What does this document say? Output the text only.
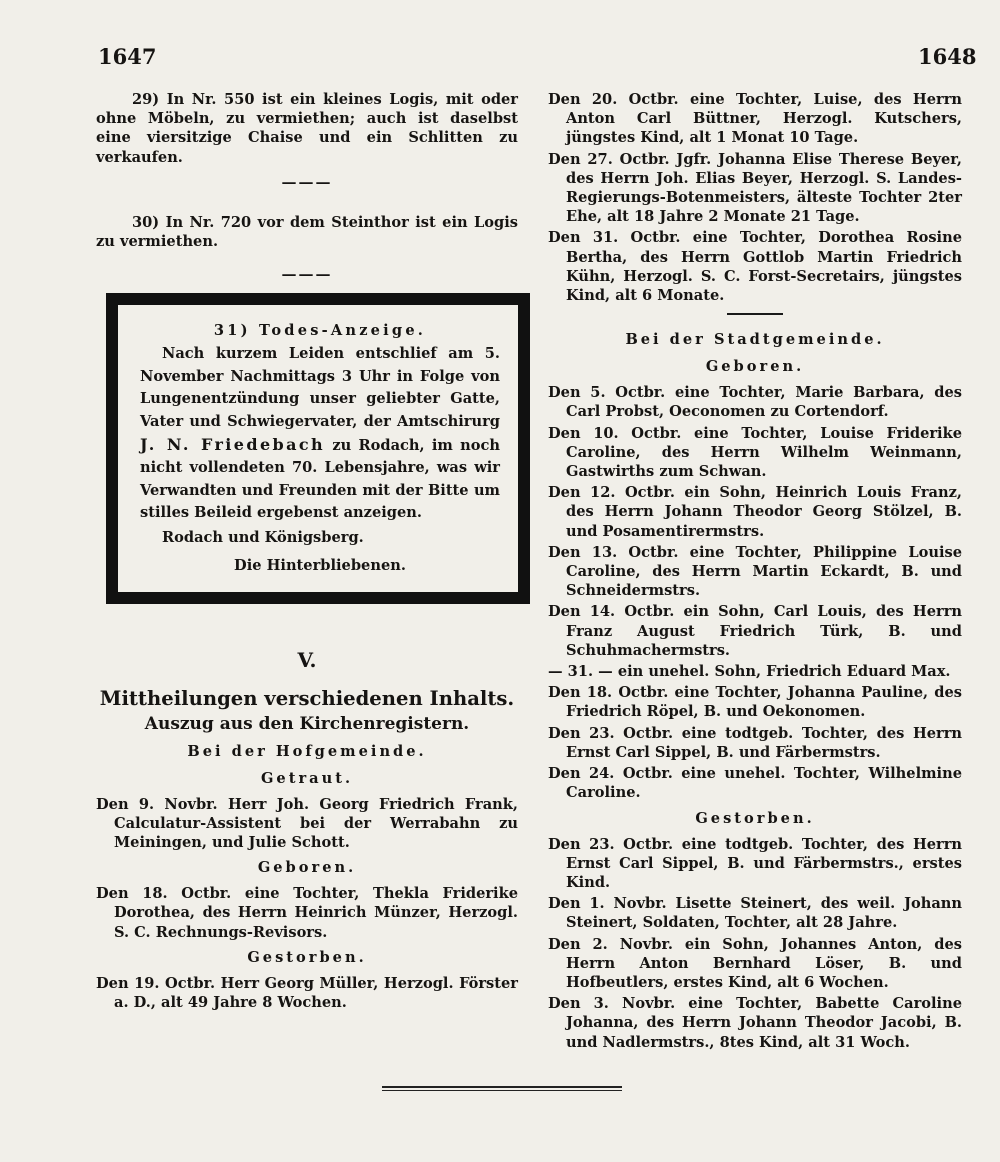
1647	1648

29) In Nr. 550 ist ein kleines Logis, mit oder ohne Möbeln, zu vermiethen; auch ist daselbst eine viersitzige Chaise und ein Schlitten zu verkaufen.

———

30) In Nr. 720 vor dem Steinthor ist ein Logis zu vermiethen.

———
31) Todes-Anzeige.

Nach kurzem Leiden entschlief am 5. November Nachmittags 3 Uhr in Folge von Lungenentzündung unser geliebter Gatte, Vater und Schwiegervater, der Amtschirurg J. N. Friedebach zu Rodach, im noch nicht vollendeten 70. Lebensjahre, was wir Verwandten und Freunden mit der Bitte um stilles Beileid ergebenst anzeigen.

Rodach und Königsberg.
Die Hinterbliebenen.
V.
Mittheilungen verschiedenen Inhalts.
Auszug aus den Kirchenregistern.
Bei der Hofgemeinde.
Getraut.

Den 9. Novbr. Herr Joh. Georg Friedrich Frank, Calculatur-Assistent bei der Werrabahn zu Meiningen, und Julie Schott.

Geboren.

Den 18. Octbr. eine Tochter, Thekla Friderike Dorothea, des Herrn Heinrich Münzer, Herzogl. S. C. Rechnungs-Revisors.

Gestorben.

Den 19. Octbr. Herr Georg Müller, Herzogl. Förster a. D., alt 49 Jahre 8 Wochen.

Den 20. Octbr. eine Tochter, Luise, des Herrn Anton Carl Büttner, Herzogl. Kutschers, jüngstes Kind, alt 1 Monat 10 Tage.

Den 27. Octbr. Jgfr. Johanna Elise Therese Beyer, des Herrn Joh. Elias Beyer, Herzogl. S. Landes-Regierungs-Botenmeisters, älteste Tochter 2ter Ehe, alt 18 Jahre 2 Monate 21 Tage.

Den 31. Octbr. eine Tochter, Dorothea Rosine Bertha, des Herrn Gottlob Martin Friedrich Kühn, Herzogl. S. C. Forst-Secretairs, jüngstes Kind, alt 6 Monate.

Bei der Stadtgemeinde.
Geboren.

Den 5. Octbr. eine Tochter, Marie Barbara, des Carl Probst, Oeconomen zu Cortendorf.

Den 10. Octbr. eine Tochter, Louise Friderike Caroline, des Herrn Wilhelm Weinmann, Gastwirths zum Schwan.

Den 12. Octbr. ein Sohn, Heinrich Louis Franz, des Herrn Johann Theodor Georg Stölzel, B. und Posamentirermstrs.

Den 13. Octbr. eine Tochter, Philippine Louise Caroline, des Herrn Martin Eckardt, B. und Schneidermstrs.

Den 14. Octbr. ein Sohn, Carl Louis, des Herrn Franz August Friedrich Türk, B. und Schuhmachermstrs.

— 31. — ein unehel. Sohn, Friedrich Eduard Max.

Den 18. Octbr. eine Tochter, Johanna Pauline, des Friedrich Röpel, B. und Oekonomen.

Den 23. Octbr. eine todtgeb. Tochter, des Herrn Ernst Carl Sippel, B. und Färbermstrs.

Den 24. Octbr. eine unehel. Tochter, Wilhelmine Caroline.

Gestorben.

Den 23. Octbr. eine todtgeb. Tochter, des Herrn Ernst Carl Sippel, B. und Färbermstrs., erstes Kind.

Den 1. Novbr. Lisette Steinert, des weil. Johann Steinert, Soldaten, Tochter, alt 28 Jahre.

Den 2. Novbr. ein Sohn, Johannes Anton, des Herrn Anton Bernhard Löser, B. und Hofbeutlers, erstes Kind, alt 6 Wochen.

Den 3. Novbr. eine Tochter, Babette Caroline Johanna, des Herrn Johann Theodor Jacobi, B. und Nadlermstrs., 8tes Kind, alt 31 Woch.
